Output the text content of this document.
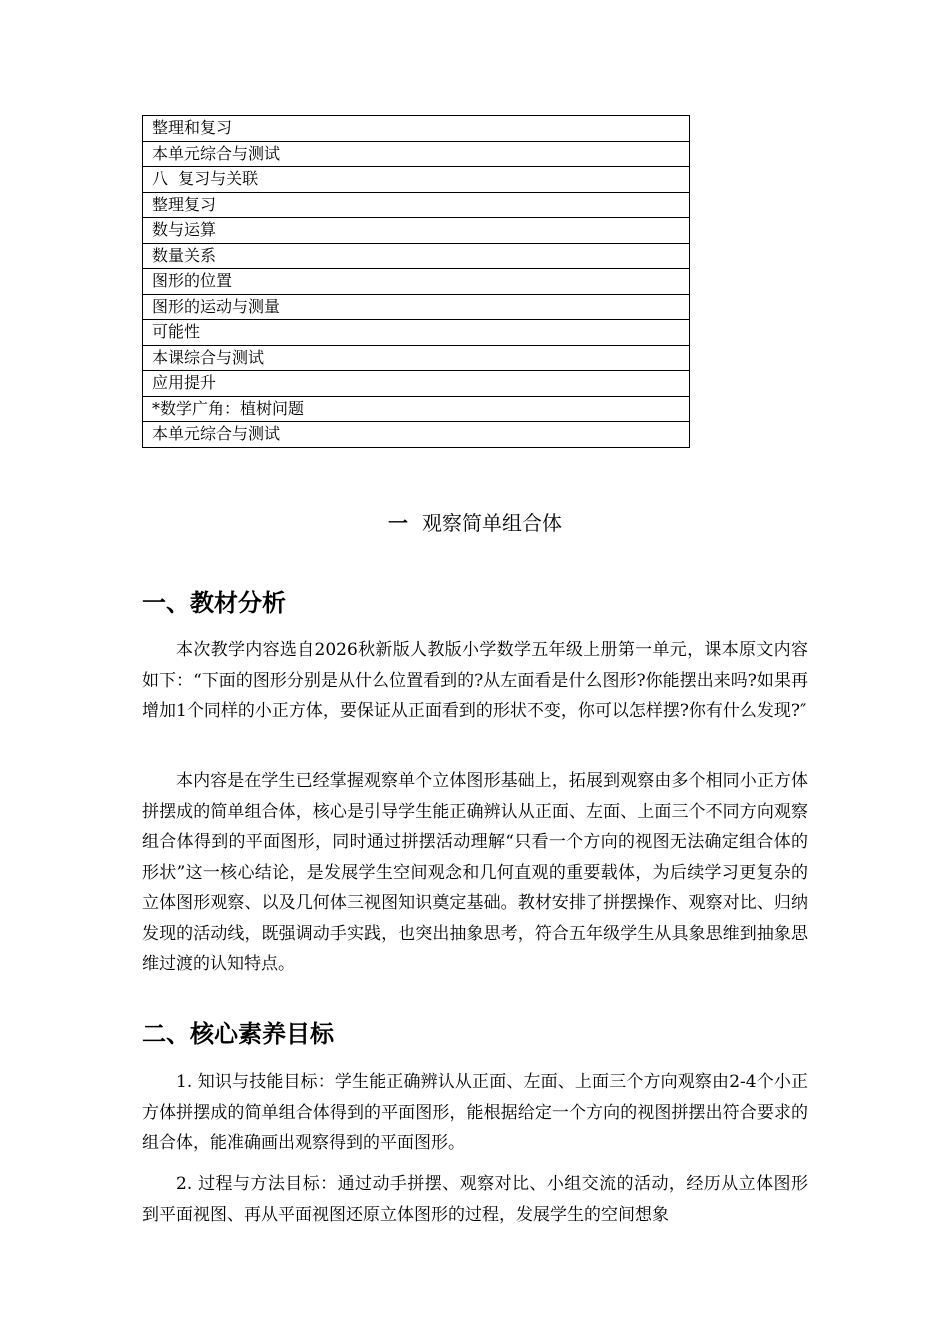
整理和复习
本单元综合与测试
八  复习与关联
整理复习
数与运算
数量关系
图形的位置
图形的运动与测量
可能性
本课综合与测试
应用提升
*数学广角：植树问题
本单元综合与测试
一 观察简单组合体
一、教材分析

本次教学内容选自2026秋新版人教版小学数学五年级上册第一单元，课本原文内容如下：“下面的图形分别是从什么位置看到的?从左面看是什么图形?你能摆出来吗?如果再增加1个同样的小正方体，要保证从正面看到的形状不变，你可以怎样摆?你有什么发现?″

本内容是在学生已经掌握观察单个立体图形基础上，拓展到观察由多个相同小正方体拼摆成的简单组合体，核心是引导学生能正确辨认从正面、左面、上面三个不同方向观察组合体得到的平面图形，同时通过拼摆活动理解“只看一个方向的视图无法确定组合体的形状”这一核心结论，是发展学生空间观念和几何直观的重要载体，为后续学习更复杂的立体图形观察、以及几何体三视图知识奠定基础。教材安排了拼摆操作、观察对比、归纳发现的活动线，既强调动手实践，也突出抽象思考，符合五年级学生从具象思维到抽象思维过渡的认知特点。

二、核心素养目标

1. 知识与技能目标：学生能正确辨认从正面、左面、上面三个方向观察由2-4个小正方体拼摆成的简单组合体得到的平面图形，能根据给定一个方向的视图拼摆出符合要求的组合体，能准确画出观察得到的平面图形。

2. 过程与方法目标：通过动手拼摆、观察对比、小组交流的活动，经历从立体图形到平面视图、再从平面视图还原立体图形的过程，发展学生的空间想象
